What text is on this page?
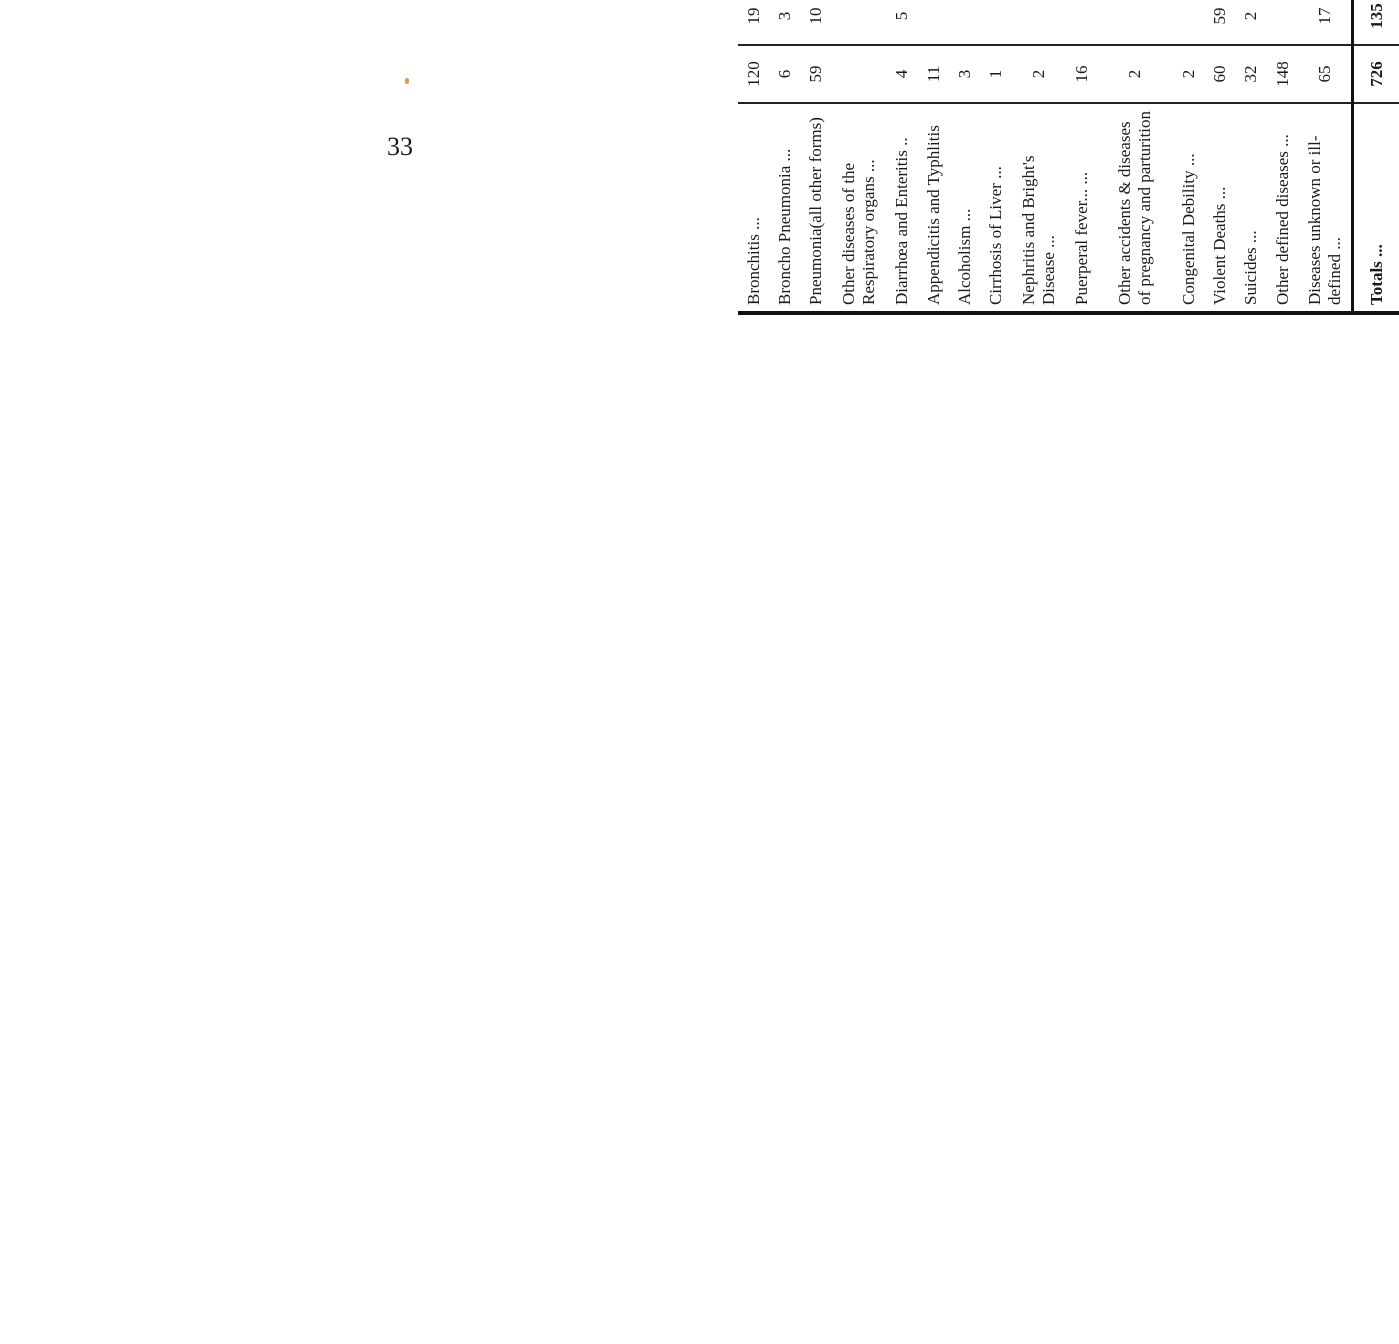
33
Bronchitis ...	120	19								
Broncho Pneumonia ...	6	3								
Pneumonia(all other forms)	59	10								
Other diseases of the Respiratory organs ...										
Diarrhœa and Enteritis ..	4	5								
Appendicitis and Typhlitis	11									
Alcoholism ...	3									
Cirrhosis of Liver ...	1									
Nephritis and Bright's Disease ...	2									
Puerperal fever... ...	16									
Other accidents & diseases of pregnancy and parturition	2									
Congenital Debility ...	2									
Violent Deaths ...	60	59								
Suicides ...	32	2								
Other defined diseases ...	148									
Diseases unknown or ill-defined ...	65	17								
Totals ...	726	135								
